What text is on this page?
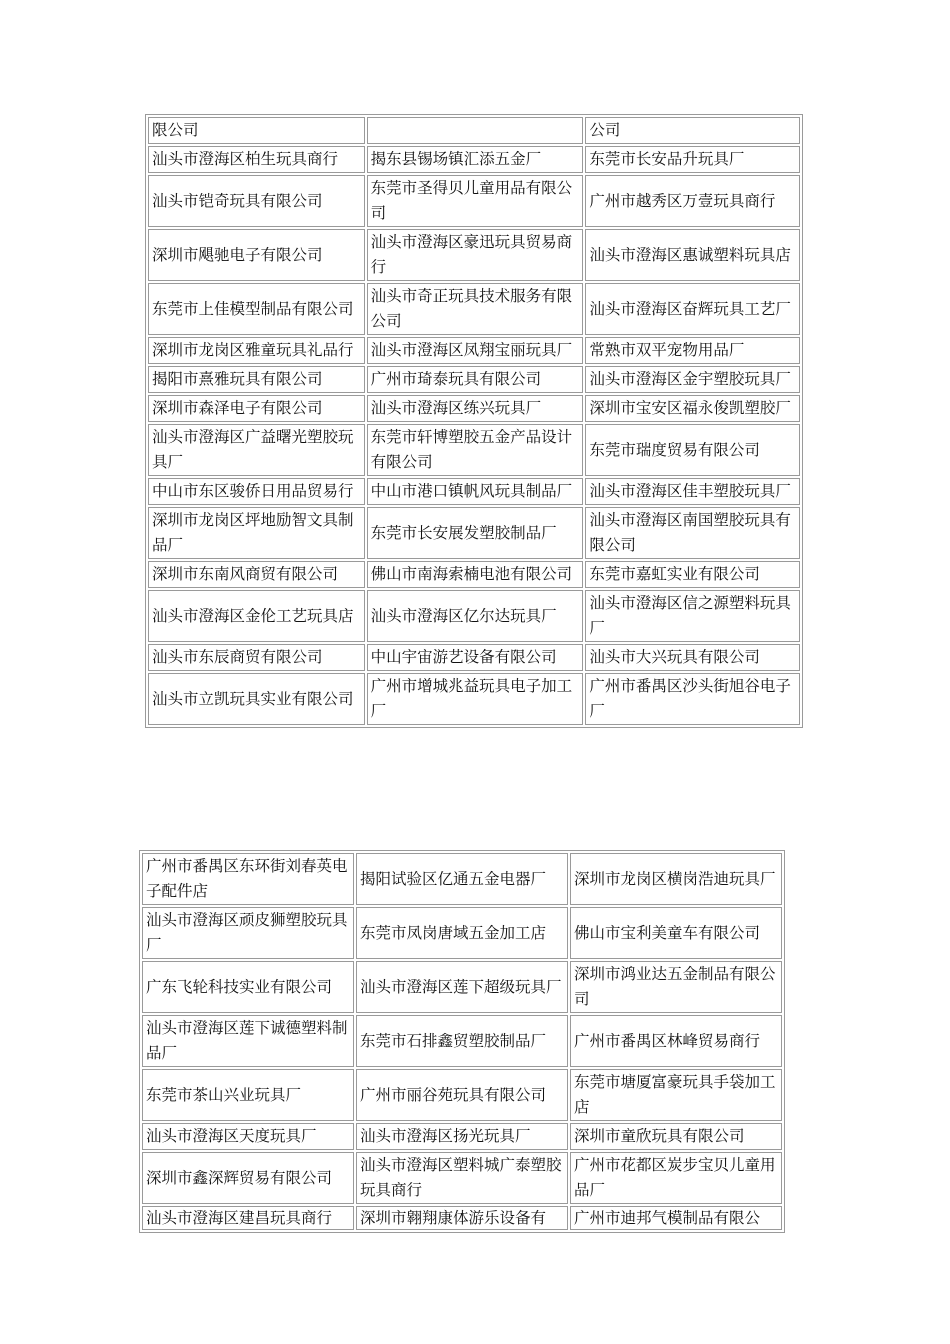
限公司		公司
汕头市澄海区柏生玩具商行	揭东县锡场镇汇添五金厂	东莞市长安品升玩具厂
汕头市铠奇玩具有限公司	东莞市圣得贝儿童用品有限公司	广州市越秀区万壹玩具商行
深圳市飓驰电子有限公司	汕头市澄海区豪迅玩具贸易商行	汕头市澄海区惠诚塑料玩具店
东莞市上佳模型制品有限公司	汕头市奇正玩具技术服务有限公司	汕头市澄海区奋辉玩具工艺厂
深圳市龙岗区雅童玩具礼品行	汕头市澄海区凤翔宝丽玩具厂	常熟市双平宠物用品厂
揭阳市熹雅玩具有限公司	广州市琦泰玩具有限公司	汕头市澄海区金宇塑胶玩具厂
深圳市森泽电子有限公司	汕头市澄海区练兴玩具厂	深圳市宝安区福永俊凯塑胶厂
汕头市澄海区广益曙光塑胶玩具厂	东莞市轩博塑胶五金产品设计有限公司	东莞市瑞度贸易有限公司
中山市东区骏侨日用品贸易行	中山市港口镇帆风玩具制品厂	汕头市澄海区佳丰塑胶玩具厂
深圳市龙岗区坪地励智文具制品厂	东莞市长安展发塑胶制品厂	汕头市澄海区南国塑胶玩具有限公司
深圳市东南风商贸有限公司	佛山市南海索楠电池有限公司	东莞市嘉虹实业有限公司
汕头市澄海区金伦工艺玩具店	汕头市澄海区亿尔达玩具厂	汕头市澄海区信之源塑料玩具厂
汕头市东辰商贸有限公司	中山宇宙游艺设备有限公司	汕头市大兴玩具有限公司
汕头市立凯玩具实业有限公司	广州市增城兆益玩具电子加工厂	广州市番禺区沙头街旭谷电子厂
广州市番禺区东环街刘春英电子配件店	揭阳试验区亿通五金电器厂	深圳市龙岗区横岗浩迪玩具厂
汕头市澄海区顽皮狮塑胶玩具厂	东莞市凤岗唐域五金加工店	佛山市宝利美童车有限公司
广东飞轮科技实业有限公司	汕头市澄海区莲下超级玩具厂	深圳市鸿业达五金制品有限公司
汕头市澄海区莲下诚德塑料制品厂	东莞市石排鑫贸塑胶制品厂	广州市番禺区林峰贸易商行
东莞市茶山兴业玩具厂	广州市丽谷苑玩具有限公司	东莞市塘厦富豪玩具手袋加工店
汕头市澄海区天度玩具厂	汕头市澄海区扬光玩具厂	深圳市童欣玩具有限公司
深圳市鑫深辉贸易有限公司	汕头市澄海区塑料城广泰塑胶玩具商行	广州市花都区炭步宝贝儿童用品厂
汕头市澄海区建昌玩具商行	深圳市翱翔康体游乐设备有	广州市迪邦气模制品有限公
